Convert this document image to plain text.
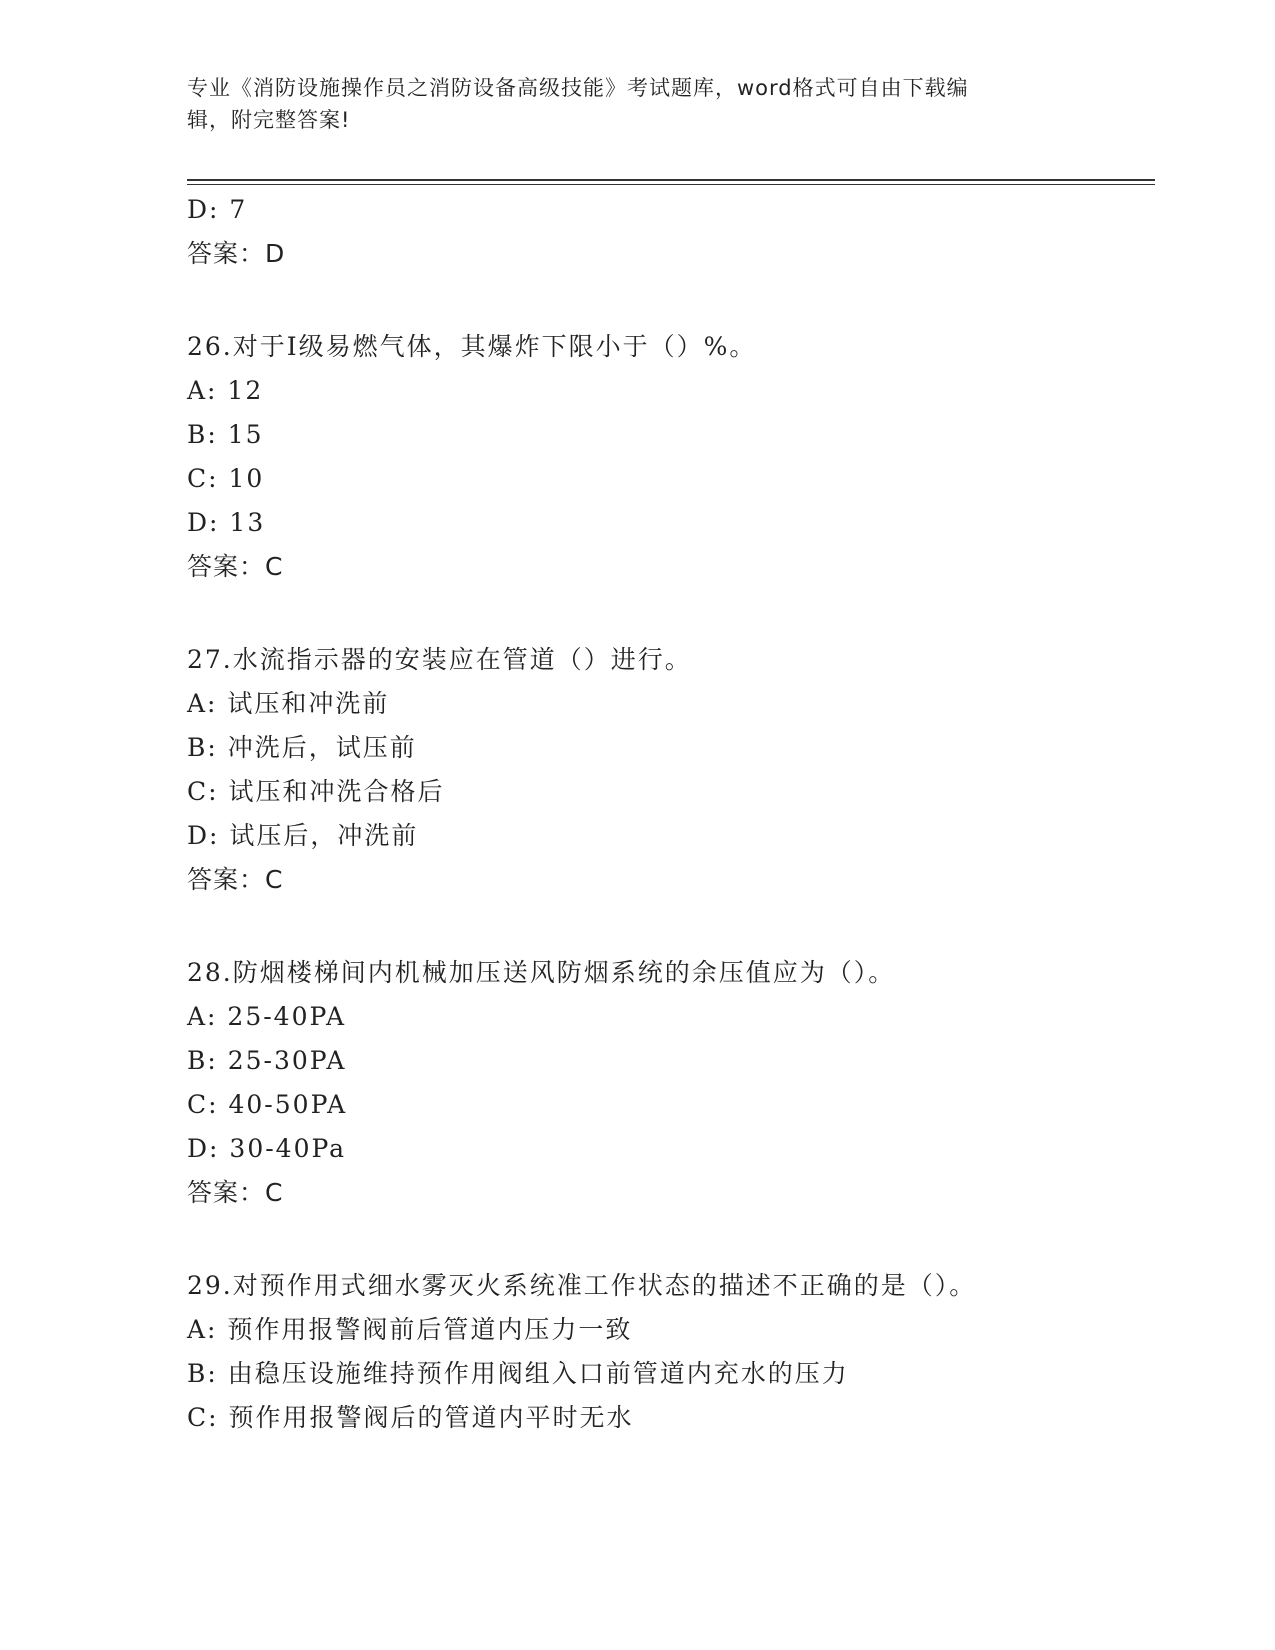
专业《消防设施操作员之消防设备高级技能》考试题库，word格式可自由下载编
辑，附完整答案!
D: 7
答案：D
26.对于Ⅰ级易燃气体，其爆炸下限小于（）%。
A: 12
B: 15
C: 10
D: 13
答案：C
27.水流指示器的安装应在管道（）进行。
A: 试压和冲洗前
B: 冲洗后，试压前
C: 试压和冲洗合格后
D: 试压后，冲洗前
答案：C
28.防烟楼梯间内机械加压送风防烟系统的余压值应为（）。
A: 25-40PA
B: 25-30PA
C: 40-50PA
D: 30-40Pa
答案：C
29.对预作用式细水雾灭火系统准工作状态的描述不正确的是（）。
A: 预作用报警阀前后管道内压力一致
B: 由稳压设施维持预作用阀组入口前管道内充水的压力
C: 预作用报警阀后的管道内平时无水
